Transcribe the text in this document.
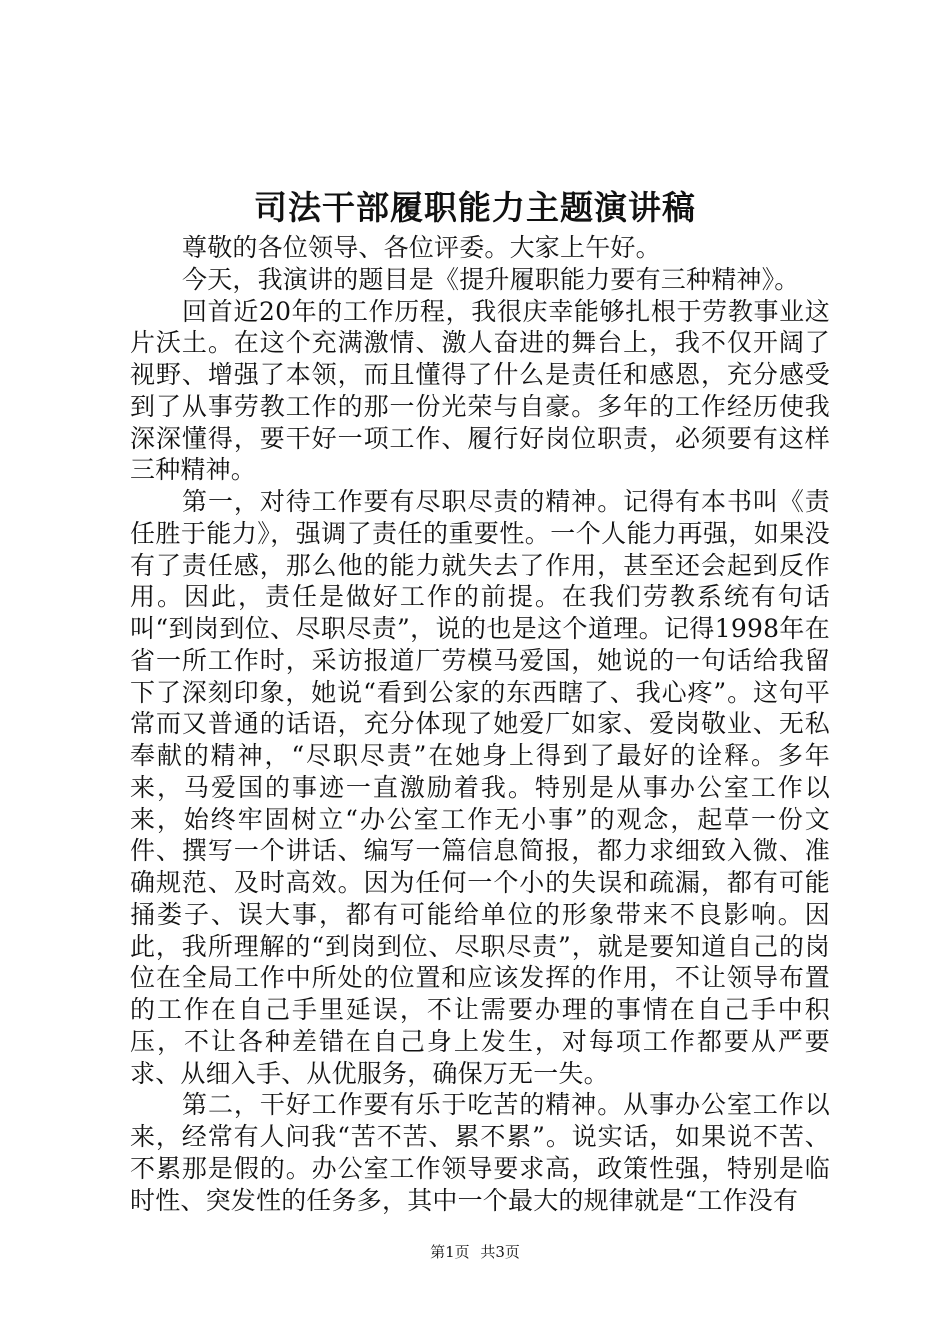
司法干部履职能力主题演讲稿

尊敬的各位领导、各位评委。大家上午好。

今天，我演讲的题目是《提升履职能力要有三种精神》。

回首近20年的工作历程，我很庆幸能够扎根于劳教事业这片沃土。在这个充满激情、激人奋进的舞台上，我不仅开阔了视野、增强了本领，而且懂得了什么是责任和感恩，充分感受到了从事劳教工作的那一份光荣与自豪。多年的工作经历使我深深懂得，要干好一项工作、履行好岗位职责，必须要有这样三种精神。

第一，对待工作要有尽职尽责的精神。记得有本书叫《责任胜于能力》，强调了责任的重要性。一个人能力再强，如果没有了责任感，那么他的能力就失去了作用，甚至还会起到反作用。因此，责任是做好工作的前提。在我们劳教系统有句话叫“到岗到位、尽职尽责”，说的也是这个道理。记得1998年在省一所工作时，采访报道厂劳模马爱国，她说的一句话给我留下了深刻印象，她说“看到公家的东西瞎了、我心疼”。这句平常而又普通的话语，充分体现了她爱厂如家、爱岗敬业、无私奉献的精神，“尽职尽责”在她身上得到了最好的诠释。多年来，马爱国的事迹一直激励着我。特别是从事办公室工作以来，始终牢固树立“办公室工作无小事”的观念，起草一份文件、撰写一个讲话、编写一篇信息简报，都力求细致入微、准确规范、及时高效。因为任何一个小的失误和疏漏，都有可能捅娄子、误大事，都有可能给单位的形象带来不良影响。因此，我所理解的“到岗到位、尽职尽责”，就是要知道自己的岗位在全局工作中所处的位置和应该发挥的作用，不让领导布置的工作在自己手里延误，不让需要办理的事情在自己手中积压，不让各种差错在自己身上发生，对每项工作都要从严要求、从细入手、从优服务，确保万无一失。

第二，干好工作要有乐于吃苦的精神。从事办公室工作以来，经常有人问我“苦不苦、累不累”。说实话，如果说不苦、不累那是假的。办公室工作领导要求高，政策性强，特别是临时性、突发性的任务多，其中一个最大的规律就是“工作没有

第1页 共3页
